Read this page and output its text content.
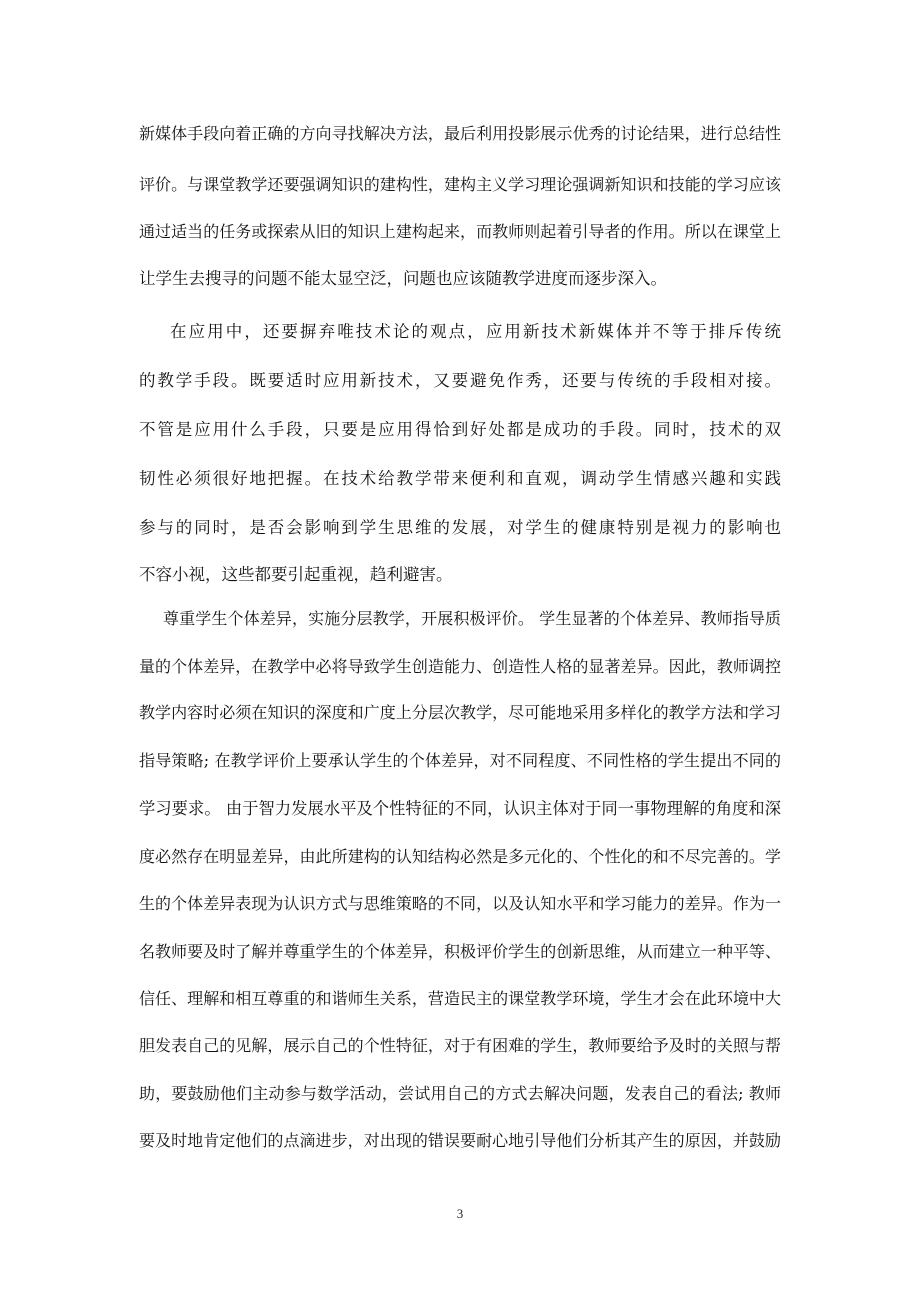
新媒体手段向着正确的方向寻找解决方法，最后利用投影展示优秀的讨论结果，进行总结性
评价。与课堂教学还要强调知识的建构性，建构主义学习理论强调新知识和技能的学习应该
通过适当的任务或探索从旧的知识上建构起来，而教师则起着引导者的作用。所以在课堂上
让学生去搜寻的问题不能太显空泛，问题也应该随教学进度而逐步深入。
在应用中，还要摒弃唯技术论的观点，应用新技术新媒体并不等于排斥传统
的教学手段。既要适时应用新技术，又要避免作秀，还要与传统的手段相对接。
不管是应用什么手段，只要是应用得恰到好处都是成功的手段。同时，技术的双
韧性必须很好地把握。在技术给教学带来便利和直观，调动学生情感兴趣和实践
参与的同时，是否会影响到学生思维的发展，对学生的健康特别是视力的影响也
不容小视，这些都要引起重视，趋利避害。
尊重学生个体差异，实施分层教学，开展积极评价。 学生显著的个体差异、教师指导质
量的个体差异，在教学中必将导致学生创造能力、创造性人格的显著差异。因此，教师调控
教学内容时必须在知识的深度和广度上分层次教学，尽可能地采用多样化的教学方法和学习
指导策略; 在教学评价上要承认学生的个体差异，对不同程度、不同性格的学生提出不同的
学习要求。 由于智力发展水平及个性特征的不同，认识主体对于同一事物理解的角度和深
度必然存在明显差异，由此所建构的认知结构必然是多元化的、个性化的和不尽完善的。学
生的个体差异表现为认识方式与思维策略的不同，以及认知水平和学习能力的差异。作为一
名教师要及时了解并尊重学生的个体差异，积极评价学生的创新思维，从而建立一种平等、
信任、理解和相互尊重的和谐师生关系，营造民主的课堂教学环境，学生才会在此环境中大
胆发表自己的见解，展示自己的个性特征，对于有困难的学生，教师要给予及时的关照与帮
助，要鼓励他们主动参与数学活动，尝试用自己的方式去解决问题，发表自己的看法; 教师
要及时地肯定他们的点滴进步，对出现的错误要耐心地引导他们分析其产生的原因，并鼓励
3
